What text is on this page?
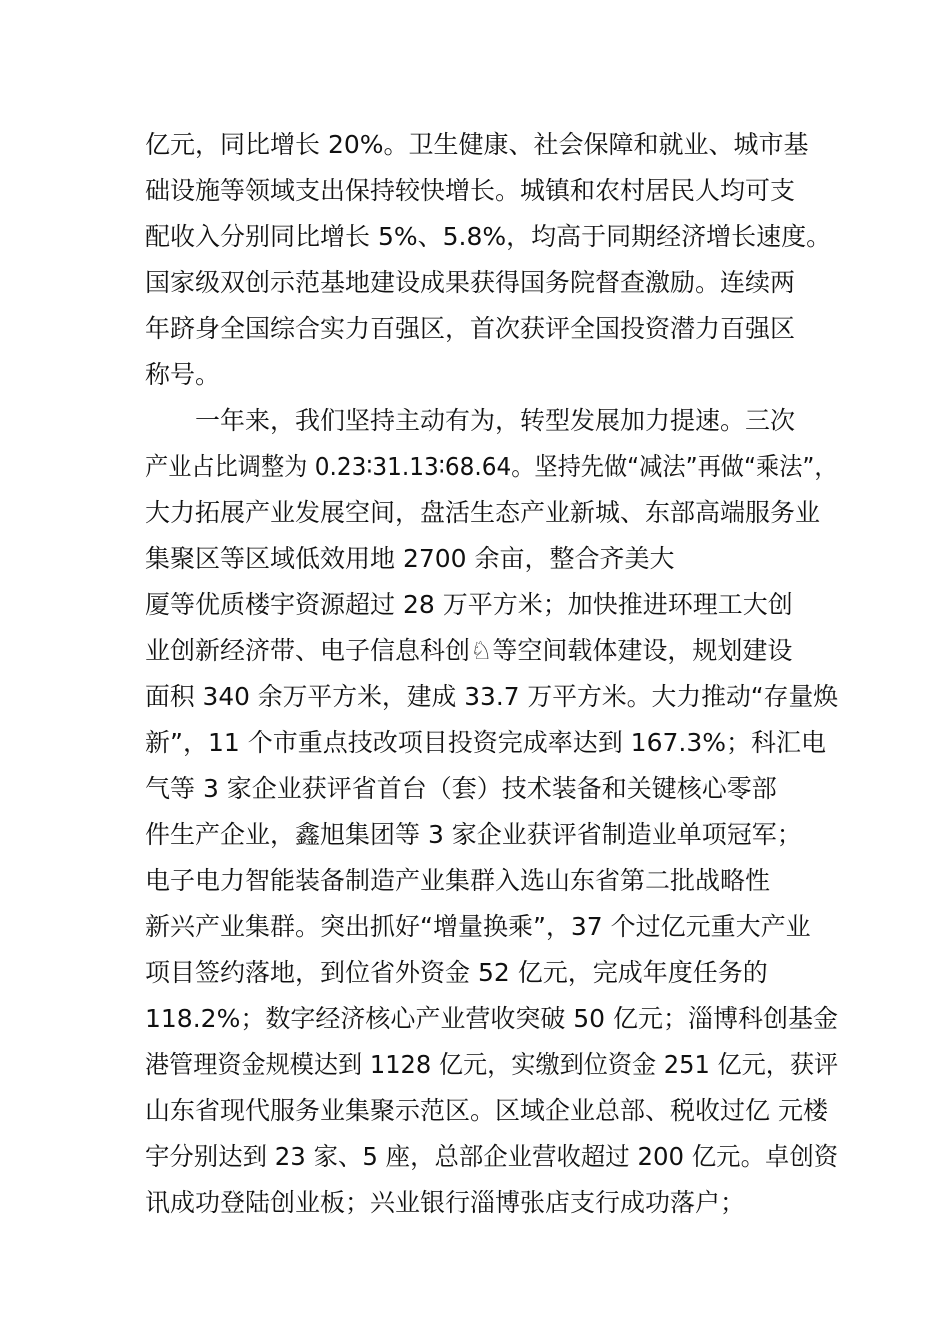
亿元，同比增长 20%。卫生健康、社会保障和就业、城市基
础设施等领域支出保持较快增长。城镇和农村居民人均可支
配收入分别同比增长 5%、5.8%，均高于同期经济增长速度。
国家级双创示范基地建设成果获得国务院督查激励。连续两
年跻身全国综合实力百强区，首次获评全国投资潜力百强区
称号。
一年来，我们坚持主动有为，转型发展加力提速。三次
产业占比调整为 0.23∶31.13∶68.64。坚持先做“减法”再做“乘法”，
大力拓展产业发展空间，盘活生态产业新城、东部高端服务业
集聚区等区域低效用地 2700 余亩，整合齐美大
厦等优质楼宇资源超过 28 万平方米；加快推进环理工大创
业创新经济带、电子信息科创♘等空间载体建设，规划建设
面积 340 余万平方米，建成 33.7 万平方米。大力推动“存量焕
新”，11 个市重点技改项目投资完成率达到 167.3%；科汇电
气等 3 家企业获评省首台（套）技术装备和关键核心零部
件生产企业，鑫旭集团等 3 家企业获评省制造业单项冠军；
电子电力智能装备制造产业集群入选山东省第二批战略性
新兴产业集群。突出抓好“增量换乘”，37 个过亿元重大产业
项目签约落地，到位省外资金 52 亿元，完成年度任务的
118.2%；数字经济核心产业营收突破 50 亿元；淄博科创基金
港管理资金规模达到 1128 亿元，实缴到位资金 251 亿元，获评
山东省现代服务业集聚示范区。区域企业总部、税收过亿 元楼
宇分别达到 23 家、5 座，总部企业营收超过 200 亿元。卓创资
讯成功登陆创业板；兴业银行淄博张店支行成功落户；
